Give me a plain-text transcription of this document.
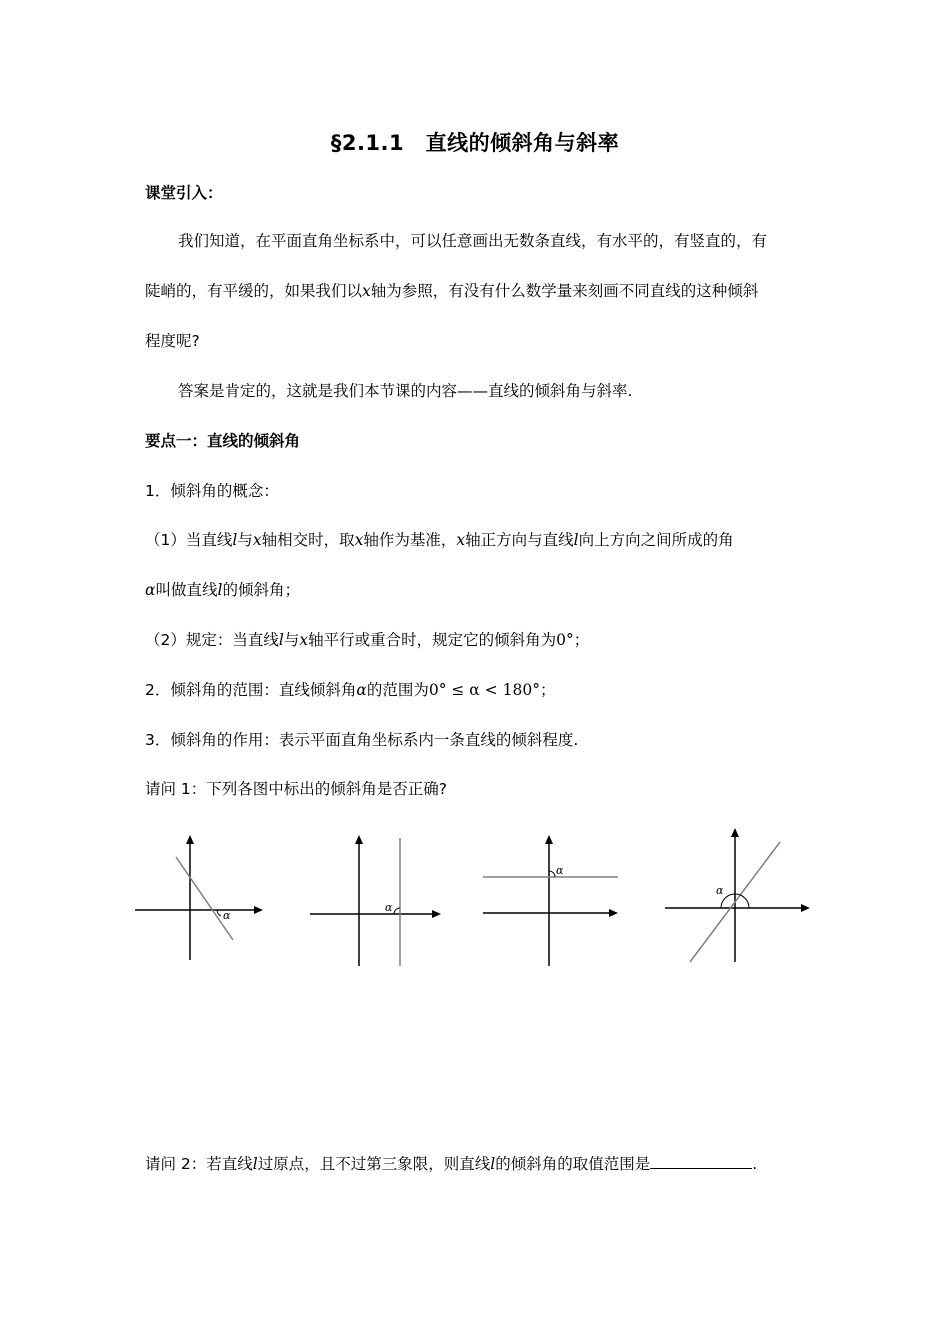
§2.1.1　直线的倾斜角与斜率
课堂引入：
我们知道，在平面直角坐标系中，可以任意画出无数条直线，有水平的，有竖直的，有
陡峭的，有平缓的，如果我们以x轴为参照，有没有什么数学量来刻画不同直线的这种倾斜
程度呢?
答案是肯定的，这就是我们本节课的内容——直线的倾斜角与斜率.
要点一：直线的倾斜角
1．倾斜角的概念：
（1）当直线l与x轴相交时，取x轴作为基准，x轴正方向与直线l向上方向之间所成的角
α叫做直线l的倾斜角；
（2）规定：当直线l与x轴平行或重合时，规定它的倾斜角为0°；
2．倾斜角的范围：直线倾斜角α的范围为0° ≤ α < 180°；
3．倾斜角的作用：表示平面直角坐标系内一条直线的倾斜程度.
请问 1：下列各图中标出的倾斜角是否正确?
α
α
α
α
请问 2：若直线l过原点，且不过第三象限，则直线l的倾斜角的取值范围是	.
